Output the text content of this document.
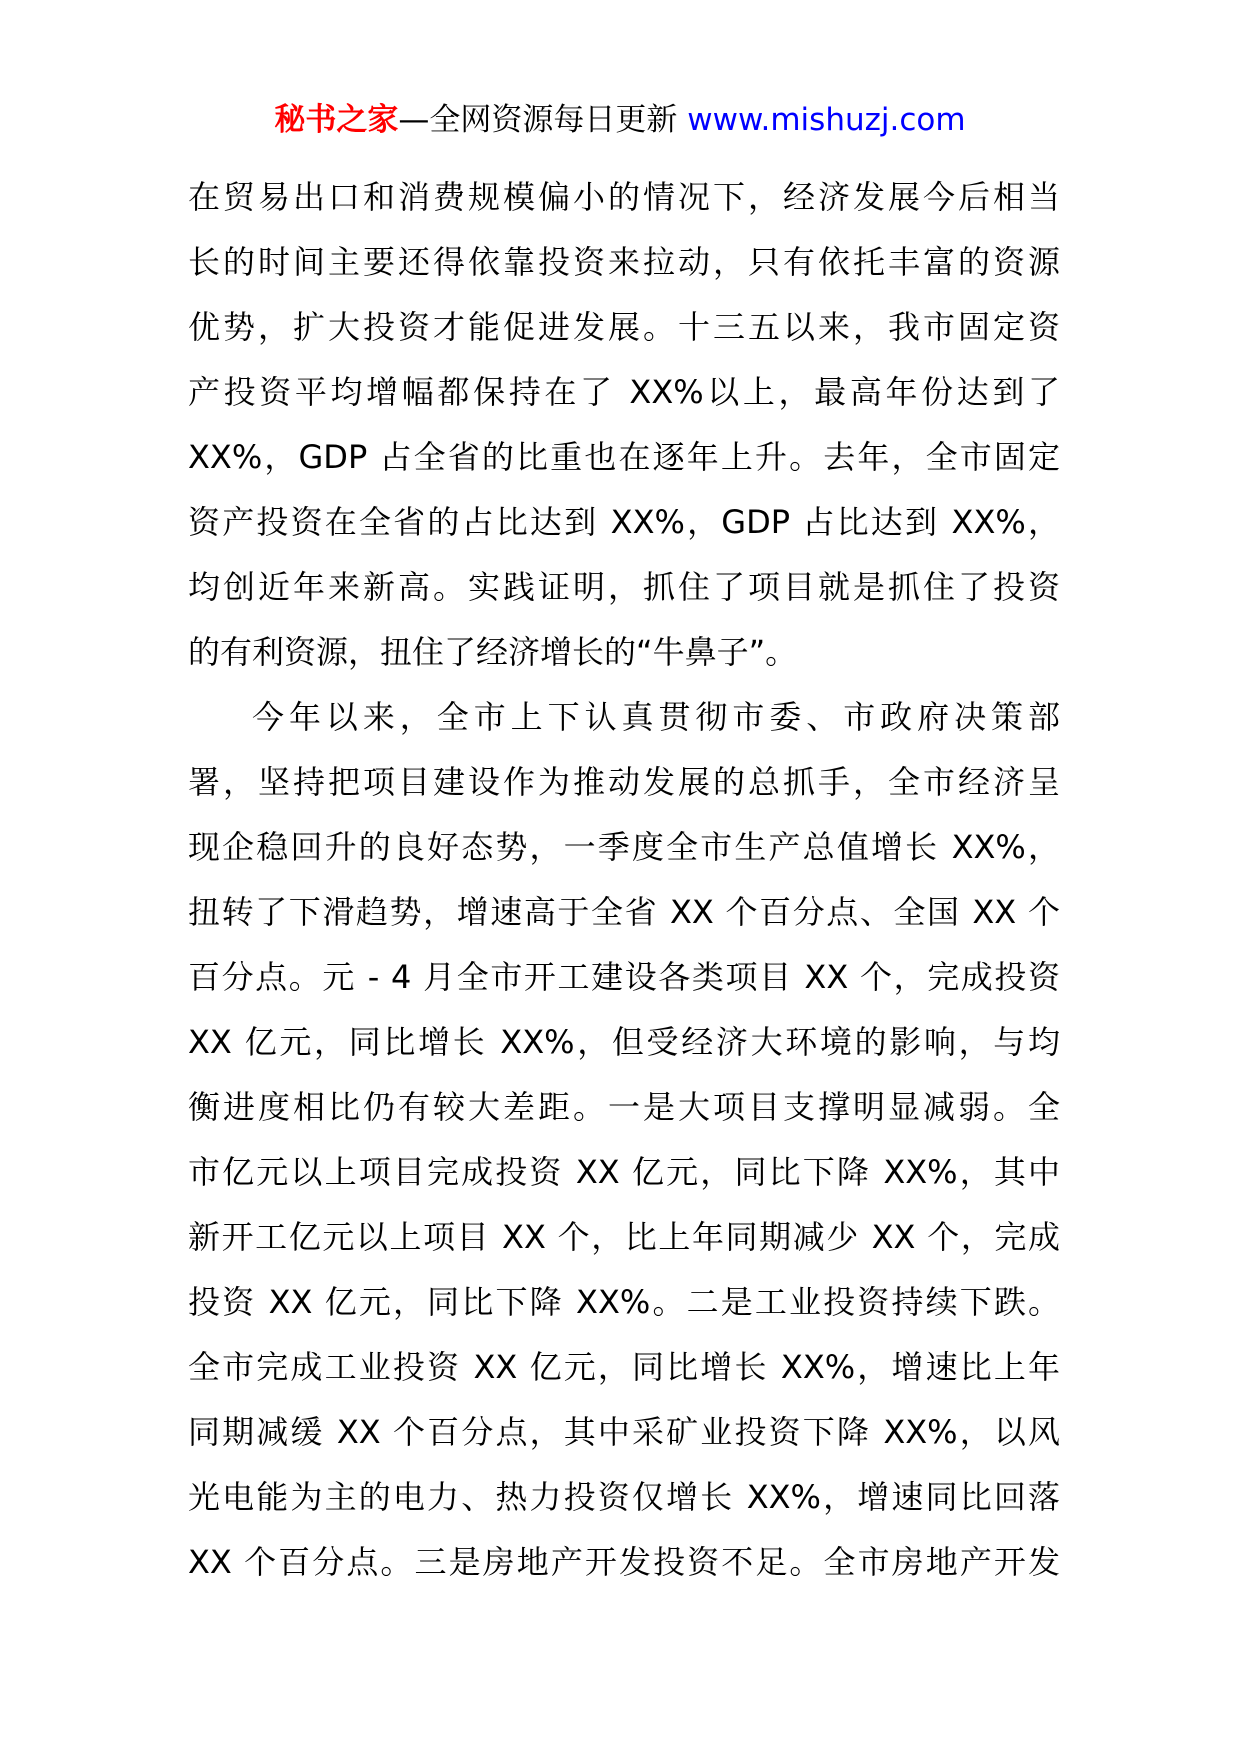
秘书之家—全网资源每日更新 www.mishuzj.com
在贸易出口和消费规模偏小的情况下，经济发展今后相当
长的时间主要还得依靠投资来拉动，只有依托丰富的资源
优势，扩大投资才能促进发展。十三五以来，我市固定资
产投资平均增幅都保持在了 XX%以上，最高年份达到了
XX%，GDP 占全省的比重也在逐年上升。去年，全市固定
资产投资在全省的占比达到 XX%，GDP 占比达到 XX%，
均创近年来新高。实践证明，抓住了项目就是抓住了投资
的有利资源，扭住了经济增长的“牛鼻子”。
今年以来，全市上下认真贯彻市委、市政府决策部
署，坚持把项目建设作为推动发展的总抓手，全市经济呈
现企稳回升的良好态势，一季度全市生产总值增长 XX%，
扭转了下滑趋势，增速高于全省 XX 个百分点、全国 XX 个
百分点。元 - 4 月全市开工建设各类项目 XX 个，完成投资
XX 亿元，同比增长 XX%，但受经济大环境的影响，与均
衡进度相比仍有较大差距。一是大项目支撑明显减弱。全
市亿元以上项目完成投资 XX 亿元，同比下降 XX%，其中
新开工亿元以上项目 XX 个，比上年同期减少 XX 个，完成
投资 XX 亿元，同比下降 XX%。二是工业投资持续下跌。
全市完成工业投资 XX 亿元，同比增长 XX%，增速比上年
同期减缓 XX 个百分点，其中采矿业投资下降 XX%，以风
光电能为主的电力、热力投资仅增长 XX%，增速同比回落
XX 个百分点。三是房地产开发投资不足。全市房地产开发
